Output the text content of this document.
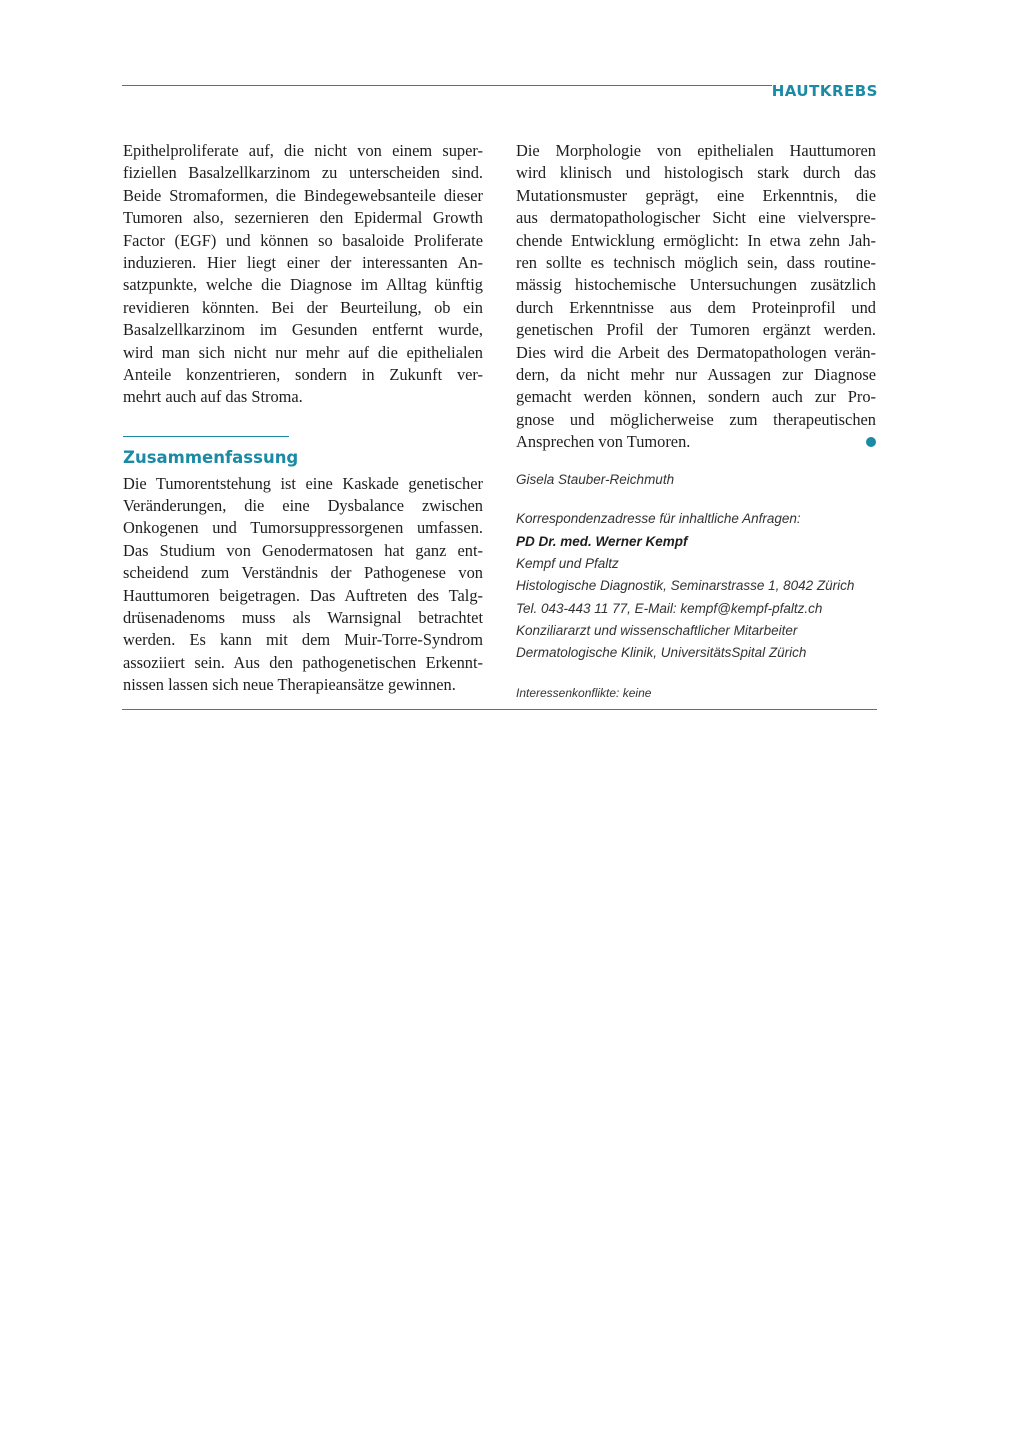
HAUTKREBS
Epithelproliferate auf, die nicht von einem super-
fiziellen Basalzellkarzinom zu unterscheiden sind.
Beide Stromaformen, die Bindegewebsanteile dieser
Tumoren also, sezernieren den Epidermal Growth
Factor (EGF) und können so basaloide Proliferate
induzieren. Hier liegt einer der interessanten An-
satzpunkte, welche die Diagnose im Alltag künftig
revidieren könnten. Bei der Beurteilung, ob ein
Basalzellkarzinom im Gesunden entfernt wurde,
wird man sich nicht nur mehr auf die epithelialen
Anteile konzentrieren, sondern in Zukunft ver-
mehrt auch auf das Stroma.
Zusammenfassung
Die Tumorentstehung ist eine Kaskade genetischer
Veränderungen, die eine Dysbalance zwischen
Onkogenen und Tumorsuppressorgenen umfassen.
Das Studium von Genodermatosen hat ganz ent-
scheidend zum Verständnis der Pathogenese von
Hauttumoren beigetragen. Das Auftreten des Talg-
drüsenadenoms muss als Warnsignal betrachtet
werden. Es kann mit dem Muir-Torre-Syndrom
assoziiert sein. Aus den pathogenetischen Erkennt-
nissen lassen sich neue Therapieansätze gewinnen.
Die Morphologie von epithelialen Hauttumoren
wird klinisch und histologisch stark durch das
Mutationsmuster geprägt, eine Erkenntnis, die
aus dermatopathologischer Sicht eine vielverspre-
chende Entwicklung ermöglicht: In etwa zehn Jah-
ren sollte es technisch möglich sein, dass routine-
mässig histochemische Untersuchungen zusätzlich
durch Erkenntnisse aus dem Proteinprofil und
genetischen Profil der Tumoren ergänzt werden.
Dies wird die Arbeit des Dermatopathologen verän-
dern, da nicht mehr nur Aussagen zur Diagnose
gemacht werden können, sondern auch zur Pro-
gnose und möglicherweise zum therapeutischen
Ansprechen von Tumoren.
Gisela Stauber-Reichmuth
Korrespondenzadresse für inhaltliche Anfragen:
PD Dr. med. Werner Kempf
Kempf und Pfaltz
Histologische Diagnostik, Seminarstrasse 1, 8042 Zürich
Tel. 043-443 11 77, E-Mail: kempf@kempf-pfaltz.ch
Konziliararzt und wissenschaftlicher Mitarbeiter
Dermatologische Klinik, UniversitätsSpital Zürich
Interessenkonflikte: keine
